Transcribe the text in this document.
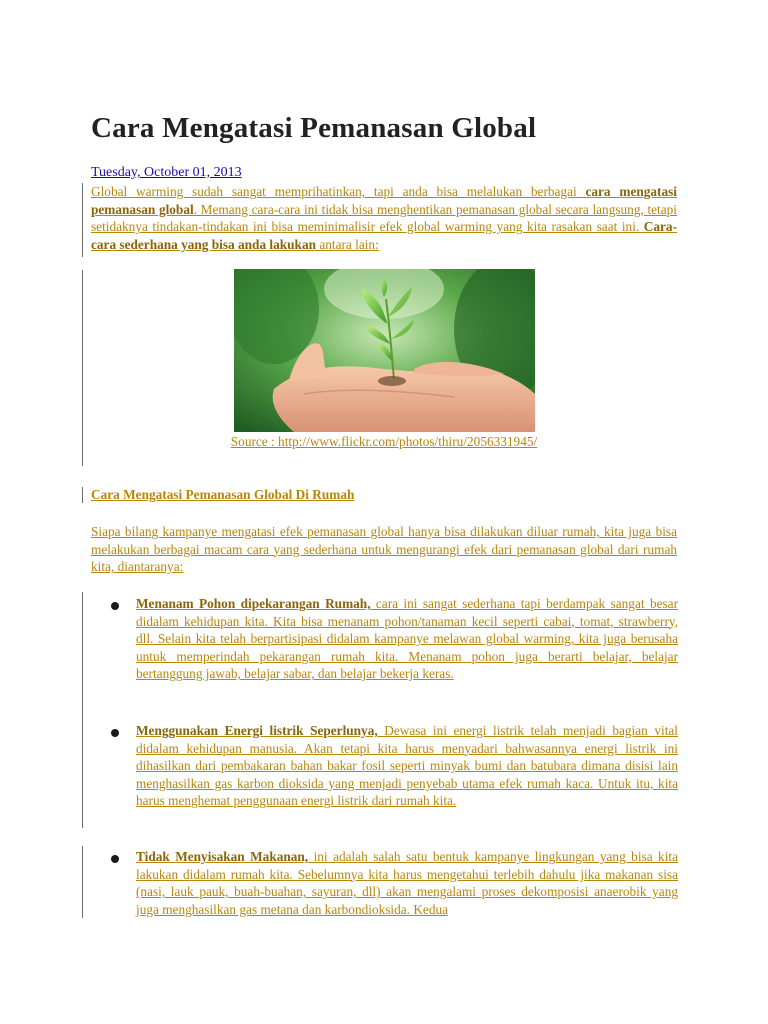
Cara Mengatasi Pemanasan Global
Tuesday, October 01, 2013

Global warming sudah sangat memprihatinkan, tapi anda bisa melalukan berbagai cara mengatasi pemanasan global. Memang cara-cara ini tidak bisa menghentikan pemanasan global secara langsung, tetapi setidaknya tindakan-tindakan ini bisa meminimalisir efek global warming yang kita rasakan saat ini. Cara-cara sederhana yang bisa anda lakukan antara lain:

Source : http://www.flickr.com/photos/thiru/2056331945/
Cara Mengatasi Pemanasan Global Di Rumah

Siapa bilang kampanye mengatasi efek pemanasan global hanya bisa dilakukan diluar rumah, kita juga bisa melakukan berbagai macam cara yang sederhana untuk mengurangi efek dari pemanasan global dari rumah kita, diantaranya:

Menanam Pohon dipekarangan Rumah, cara ini sangat sederhana tapi berdampak sangat besar didalam kehidupan kita. Kita bisa menanam pohon/tanaman kecil seperti cabai, tomat, strawberry, dll. Selain kita telah berpartisipasi didalam kampanye melawan global warming, kita juga berusaha untuk memperindah pekarangan rumah kita. Menanam pohon juga berarti belajar, belajar bertanggung jawab, belajar sabar, dan belajar bekerja keras.

Menggunakan Energi listrik Seperlunya, Dewasa ini energi listrik telah menjadi bagian vital didalam kehidupan manusia. Akan tetapi kita harus menyadari bahwasannya energi listrik ini dihasilkan dari pembakaran bahan bakar fosil seperti minyak bumi dan batubara dimana disisi lain menghasilkan gas karbon dioksida yang menjadi penyebab utama efek rumah kaca. Untuk itu, kita harus menghemat penggunaan energi listrik dari rumah kita.

Tidak Menyisakan Makanan, ini adalah salah satu bentuk kampanye lingkungan yang bisa kita lakukan didalam rumah kita. Sebelumnya kita harus mengetahui terlebih dahulu jika makanan sisa (nasi, lauk pauk, buah-buahan, sayuran, dll) akan mengalami proses dekomposisi anaerobik yang juga menghasilkan gas metana dan karbondioksida. Kedua
